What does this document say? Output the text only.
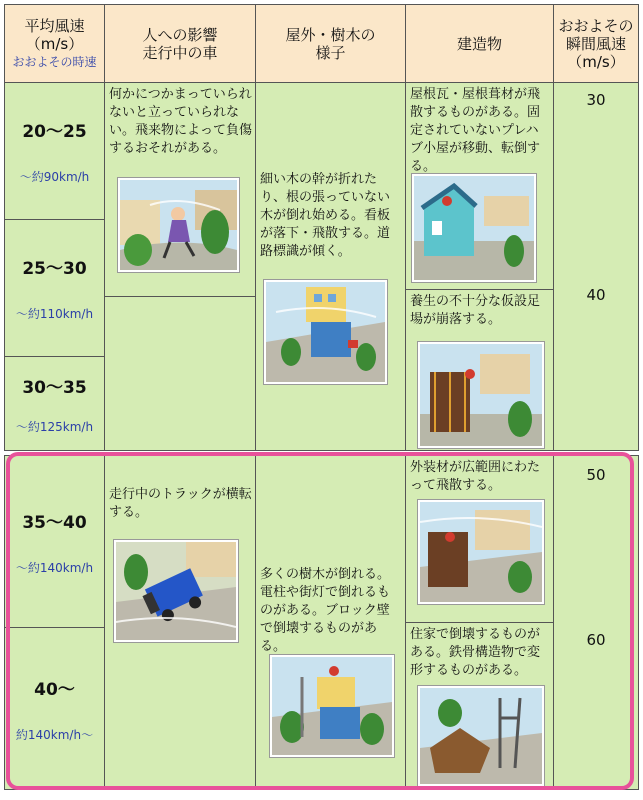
平均風速
（m/s）
おおよその時速
人への影響
走行中の車
屋外・樹木の
様子	建造物
おおよその
瞬間風速
（m/s）
20〜25
～約90km/h
25〜30
～約110km/h
30〜35
～約125km/h
35〜40
～約140km/h
40〜
約140km/h～
何かにつかまっていられないと立っていられない。飛来物によって負傷するおそれがある。
走行中のトラックが横転する。
細い木の幹が折れたり、根の張っていない木が倒れ始める。看板が落下・飛散する。道路標識が傾く。
多くの樹木が倒れる。電柱や街灯で倒れるものがある。ブロック壁で倒壊するものがある。
屋根瓦・屋根葺材が飛散するものがある。固定されていないプレハブ小屋が移動、転倒する。
養生の不十分な仮設足場が崩落する。
外装材が広範囲にわたって飛散する。
住家で倒壊するものがある。鉄骨構造物で変形するものがある。
30
40
50
60
